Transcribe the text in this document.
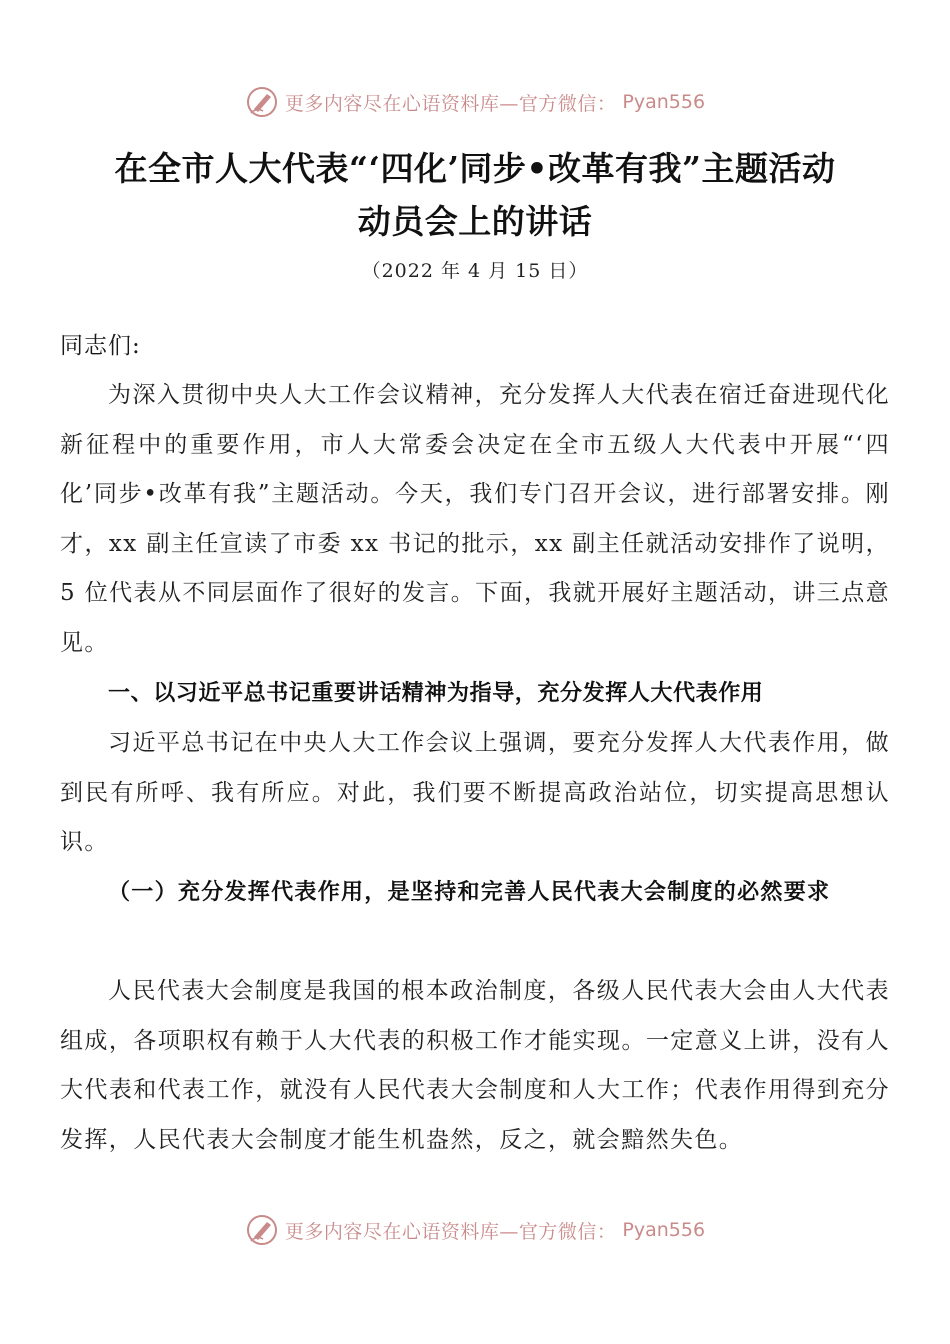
更多内容尽在心语资料库—官方微信： Pyan556
在全市人大代表“‘四化’同步•改革有我”主题活动
动员会上的讲话
（2022 年 4 月 15 日）
同志们:
为深入贯彻中央人大工作会议精神，充分发挥人大代表在宿迁奋进现代化新征程中的重要作用，市人大常委会决定在全市五级人大代表中开展“‘四化’同步•改革有我”主题活动。今天，我们专门召开会议，进行部署安排。刚才，xx 副主任宣读了市委 xx 书记的批示，xx 副主任就活动安排作了说明，5 位代表从不同层面作了很好的发言。下面，我就开展好主题活动，讲三点意见。
一、以习近平总书记重要讲话精神为指导，充分发挥人大代表作用
习近平总书记在中央人大工作会议上强调，要充分发挥人大代表作用，做到民有所呼、我有所应。对此，我们要不断提高政治站位，切实提高思想认识。
（一）充分发挥代表作用，是坚持和完善人民代表大会制度的必然要求
人民代表大会制度是我国的根本政治制度，各级人民代表大会由人大代表组成，各项职权有赖于人大代表的积极工作才能实现。一定意义上讲，没有人大代表和代表工作，就没有人民代表大会制度和人大工作；代表作用得到充分发挥，人民代表大会制度才能生机盎然，反之，就会黯然失色。
更多内容尽在心语资料库—官方微信： Pyan556
